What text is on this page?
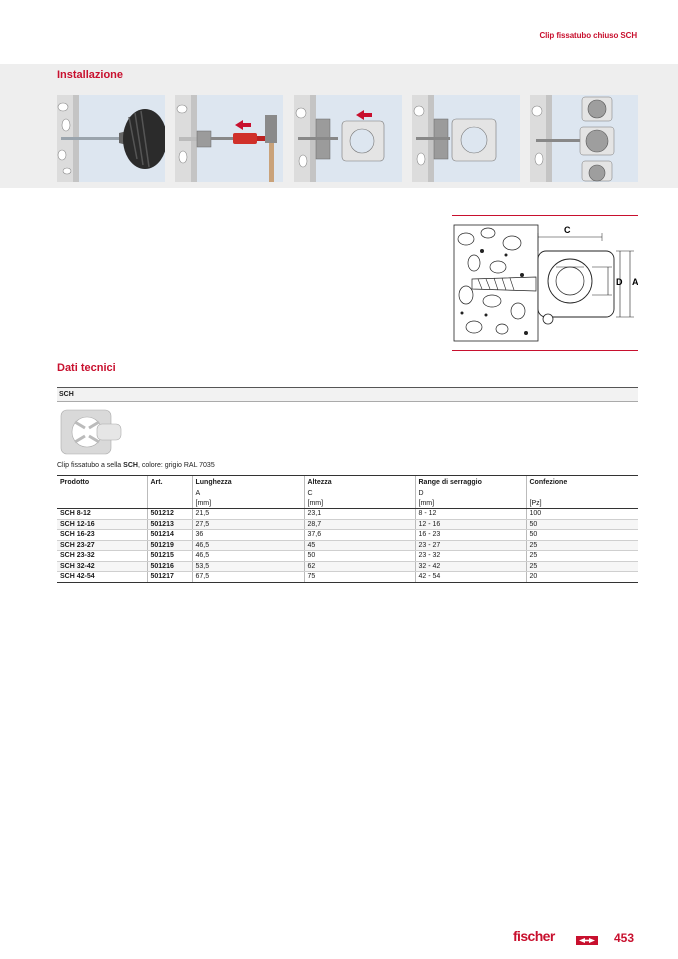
Clip fissatubo chiuso SCH
Installazione
C
D A
Dati tecnici
SCH
Clip fissatubo a sella SCH, colore: grigio RAL 7035
Prodotto	Art.	Lunghezza	Altezza	Range di serraggio	Confezione
		A	C	D	
		[mm]	[mm]	[mm]	[Pz]
SCH 8-12	501212	21,5	23,1	8 - 12	100
SCH 12-16	501213	27,5	28,7	12 - 16	50
SCH 16-23	501214	36	37,6	16 - 23	50
SCH 23-27	501219	46,5	45	23 - 27	25
SCH 23-32	501215	46,5	50	23 - 32	25
SCH 32-42	501216	53,5	62	32 - 42	25
SCH 42-54	501217	67,5	75	42 - 54	20
fischer	453
